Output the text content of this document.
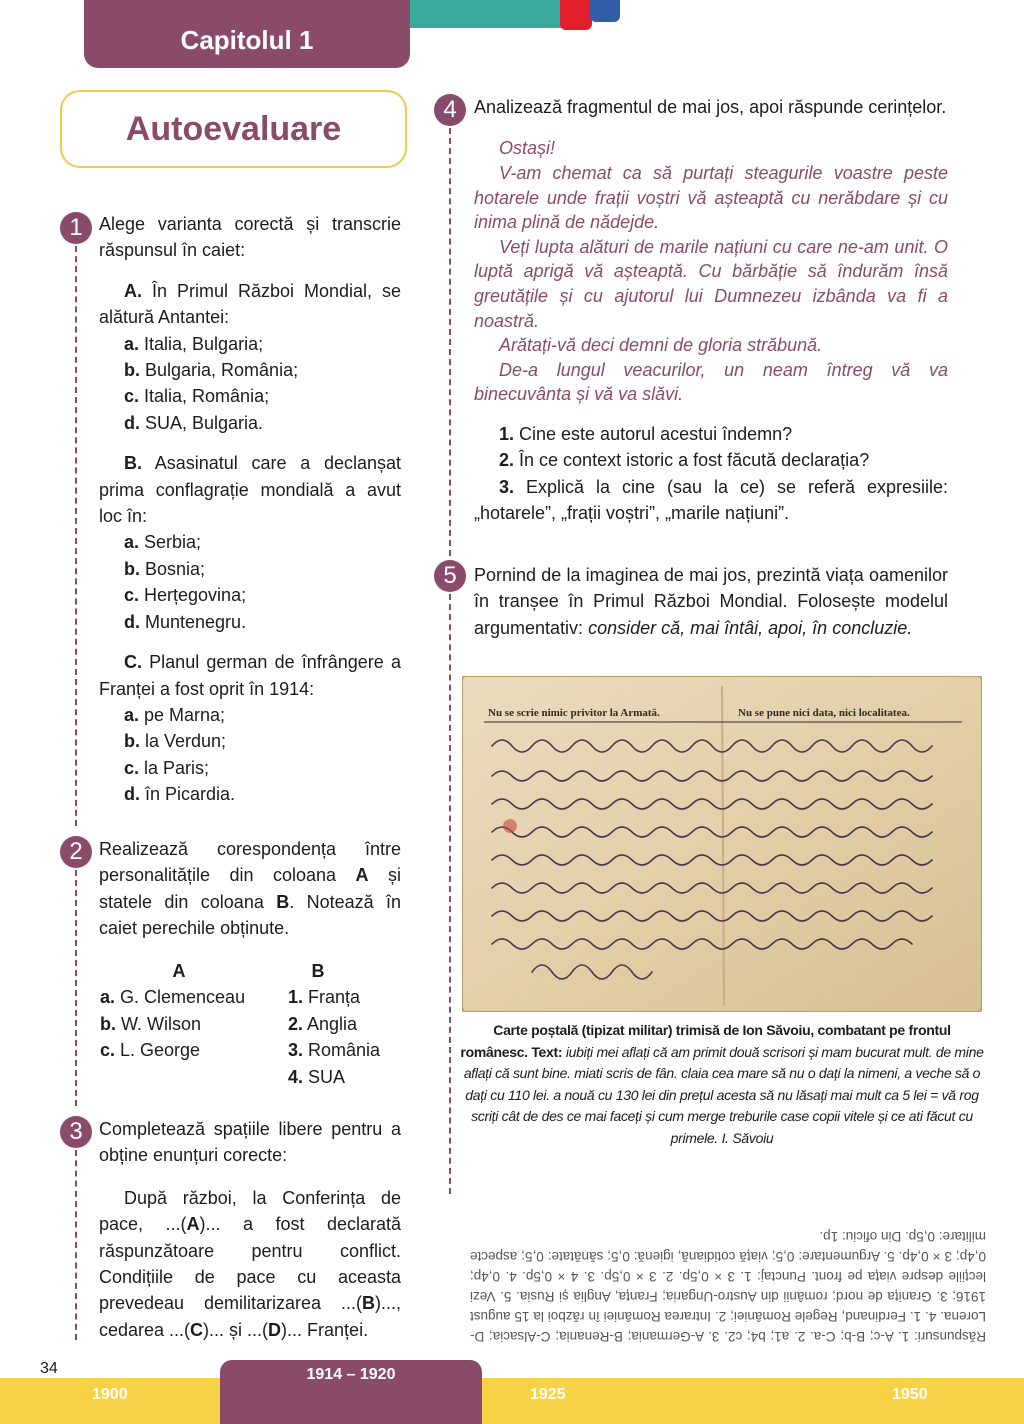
Capitolul 1
Autoevaluare
1 Alege varianta corectă și transcrie răspunsul în caiet:

A. În Primul Război Mondial, se alătură Antantei:

a. Italia, Bulgaria;

b. Bulgaria, România;

c. Italia, România;

d. SUA, Bulgaria.

B. Asasinatul care a declanșat prima conflagrație mondială a avut loc în:

a. Serbia;

b. Bosnia;

c. Herțegovina;

d. Muntenegru.

C. Planul german de înfrângere a Franței a fost oprit în 1914:

a. pe Marna;

b. la Verdun;

c. la Paris;

d. în Picardia.

2 Realizează corespondența între personalitățile din coloana A și statele din coloana B. Notează în caiet perechile obținute.

A	B
a. G. Clemenceau	1. Franța
b. W. Wilson	2. Anglia
c. L. George	3. România
4. SUA
3 Completează spațiile libere pentru a obține enunțuri corecte:

După război, la Conferința de pace, ...(A)... a fost declarată răspunzătoare pentru conflict. Condițiile de pace cu aceasta prevedeau demilitarizarea ...(B)..., cedarea ...(C)... și ...(D)... Franței.

4 Analizează fragmentul de mai jos, apoi răspunde cerințelor.

Ostași!

V-am chemat ca să purtați steagurile voastre peste hotarele unde frații voștri vă așteaptă cu nerăbdare și cu inima plină de nădejde.

Veți lupta alături de marile națiuni cu care ne-am unit. O luptă aprigă vă așteaptă. Cu bărbăție să îndurăm însă greutățile și cu ajutorul lui Dumnezeu izbânda va fi a noastră.

Arătați-vă deci demni de gloria străbună.

De-a lungul veacurilor, un neam întreg vă va binecuvânta și vă va slăvi.

1. Cine este autorul acestui îndemn?

2. În ce context istoric a fost făcută declarația?

3. Explică la cine (sau la ce) se referă expresiile: „hotarele”, „frații voștri”, „marile națiuni”.

5 Pornind de la imaginea de mai jos, prezintă viața oamenilor în tranșee în Primul Război Mondial. Folosește modelul argumentativ: consider că, mai întâi, apoi, în concluzie.

Nu se scrie nimic privitor la Armată.	Nu se pune nici data, nici localitatea.
Carte poștală (tipizat militar) trimisă de Ion Săvoiu, combatant pe frontul românesc. Text: iubiți mei aflați că am primit două scrisori și mam bucurat mult. de mine aflați că sunt bine. miati scris de fân. claia cea mare să nu o dați la nimeni, a veche să o dați cu 110 lei. a nouă cu 130 lei din prețul acesta să nu lăsați mai mult ca 5 lei = vă rog scriți cât de des ce mai faceți și cum merge treburile case copii vitele și ce ati făcut cu primele. I. Săvoiu
Răspunsuri: 1. A-c; B-b; C-a. 2. a1; b4; c2. 3. A-Germania; B-Renania; C-Alsacia; D-Lorena. 4. 1. Ferdinand, Regele României; 2. Intrarea României în război la 15 august 1916; 3. Granița de nord; românii din Austro-Ungaria; Franța, Anglia și Rusia. 5. Vezi lecțiile despre viața pe front. Punctaj: 1. 3 × 0,5p. 2. 3 × 0,5p. 3. 4 × 0,5p. 4. 0,4p; 0,4p; 3 × 0,4p. 5. Argumentare: 0,5; viață cotidiană, igienă: 0,5; sănătate: 0,5; aspecte militare: 0,5p. Din oficiu: 1p.
34	1914 – 1920
1900	1925	1950
